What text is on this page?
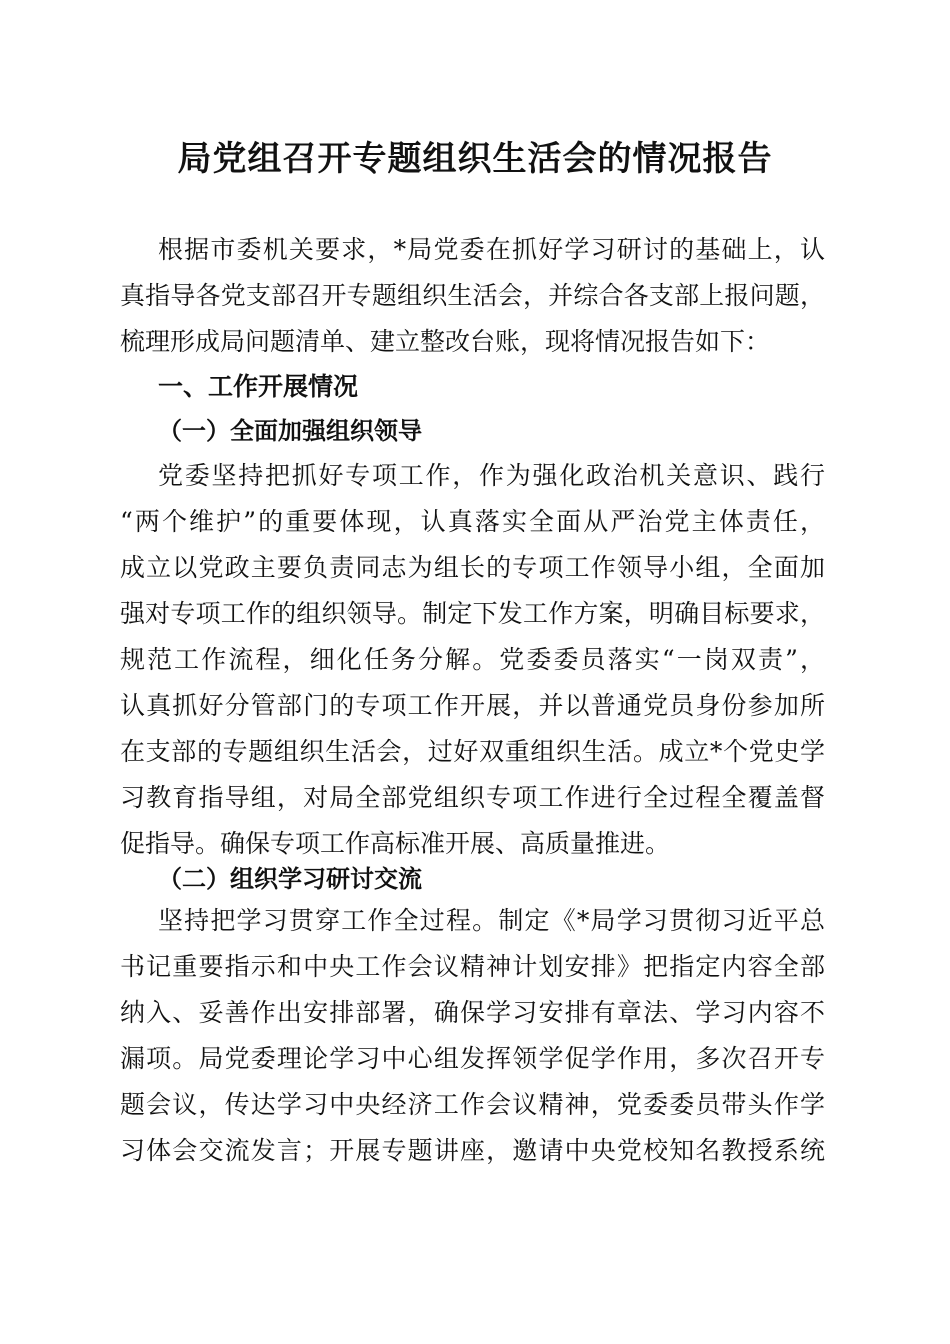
局党组召开专题组织生活会的情况报告
根据市委机关要求，*局党委在抓好学习研讨的基础上，认
真指导各党支部召开专题组织生活会，并综合各支部上报问题，
梳理形成局问题清单、建立整改台账，现将情况报告如下：
一、工作开展情况
（一）全面加强组织领导
党委坚持把抓好专项工作，作为强化政治机关意识、践行
“两个维护”的重要体现，认真落实全面从严治党主体责任，
成立以党政主要负责同志为组长的专项工作领导小组，全面加
强对专项工作的组织领导。制定下发工作方案，明确目标要求，
规范工作流程，细化任务分解。党委委员落实“一岗双责”，
认真抓好分管部门的专项工作开展，并以普通党员身份参加所
在支部的专题组织生活会，过好双重组织生活。成立*个党史学
习教育指导组，对局全部党组织专项工作进行全过程全覆盖督
促指导。确保专项工作高标准开展、高质量推进。
（二）组织学习研讨交流
坚持把学习贯穿工作全过程。制定《*局学习贯彻习近平总
书记重要指示和中央工作会议精神计划安排》把指定内容全部
纳入、妥善作出安排部署，确保学习安排有章法、学习内容不
漏项。局党委理论学习中心组发挥领学促学作用，多次召开专
题会议，传达学习中央经济工作会议精神，党委委员带头作学
习体会交流发言；开展专题讲座，邀请中央党校知名教授系统
